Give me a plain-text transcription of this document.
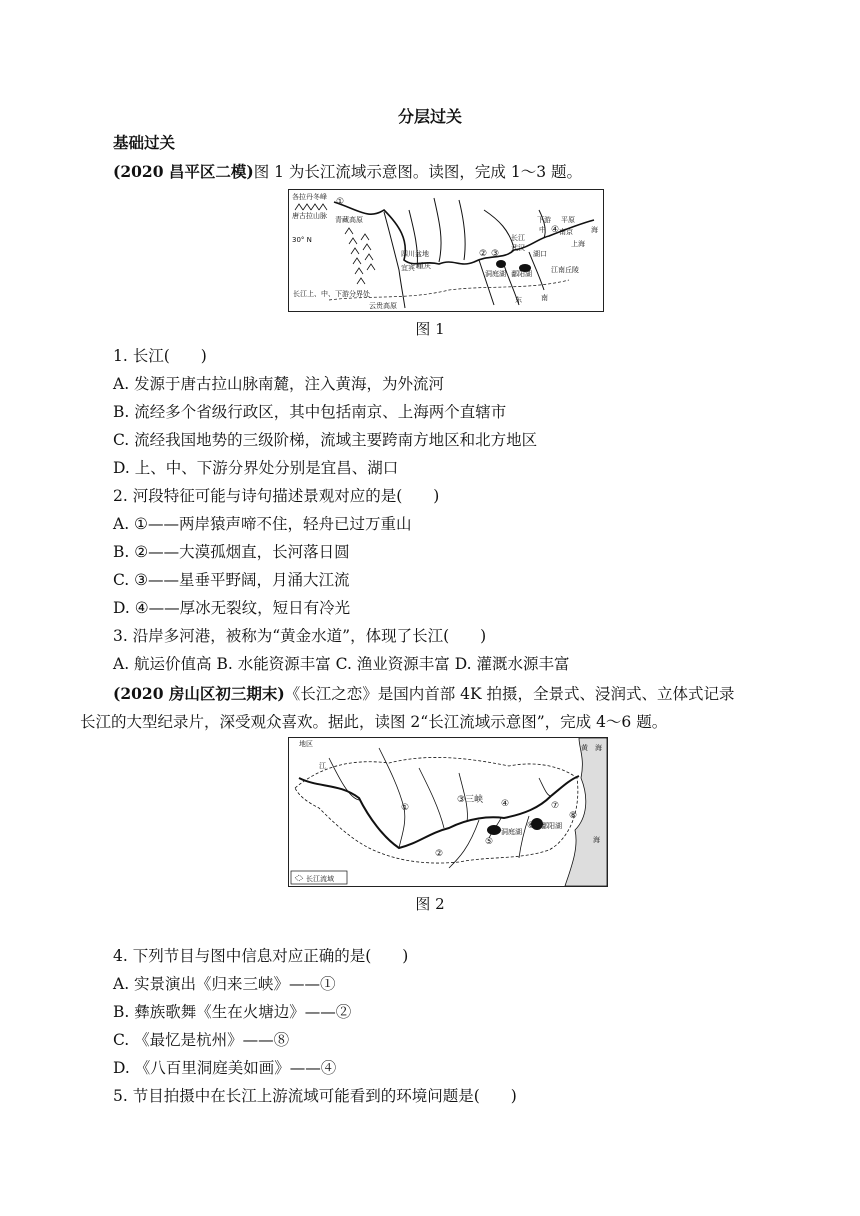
分层过关
基础过关
(2020 昌平区二模)图 1 为长江流域示意图。读图，完成 1～3 题。
①
② ③
④
各拉丹冬峰
唐古拉山脉
30° N
四川盆地
重庆
宜宾
长江
武汉
中
下游 平原
南京
上海
湖口
鄱阳湖
洞庭湖	江南丘陵
云贵高原
长江上、中、下游分界处
青藏高原
东	南
海
图 1
1. 长江(　　)
A. 发源于唐古拉山脉南麓，注入黄海，为外流河
B. 流经多个省级行政区，其中包括南京、上海两个直辖市
C. 流经我国地势的三级阶梯，流域主要跨南方地区和北方地区
D. 上、中、下游分界处分别是宜昌、湖口
2. 河段特征可能与诗句描述景观对应的是(　　)
A. ①——两岸猿声啼不住，轻舟已过万重山
B. ②——大漠孤烟直，长河落日圆
C. ③——星垂平野阔，月涌大江流
D. ④——厚冰无裂纹，短日有冷光
3. 沿岸多河港，被称为“黄金水道”，体现了长江(　　)
A. 航运价值高 B. 水能资源丰富 C. 渔业资源丰富 D. 灌溉水源丰富
(2020 房山区初三期末)《长江之恋》是国内首部 4K 拍摄，全景式、浸润式、立体式记录
长江的大型纪录片，深受观众喜欢。据此，读图 2“长江流域示意图”，完成 4～6 题。
①
②
③三峡 ④
⑤
⑥
⑦
⑧
洞庭湖
鄱阳湖
黄　海
海
地区
江
长江流域
图 2
4. 下列节目与图中信息对应正确的是(　　)
A. 实景演出《归来三峡》——①
B. 彝族歌舞《生在火塘边》——②
C. 《最忆是杭州》——⑧
D. 《八百里洞庭美如画》——④
5. 节目拍摄中在长江上游流域可能看到的环境问题是(　　)
